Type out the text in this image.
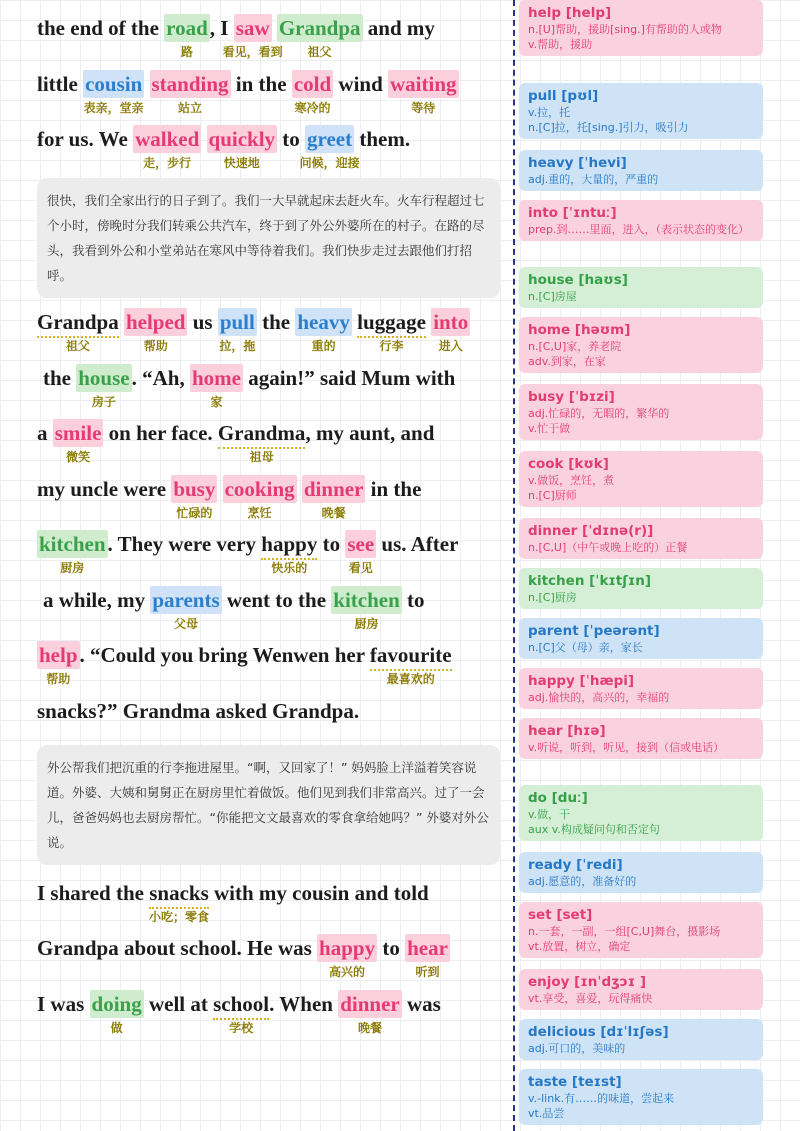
the end of the road
路
, I saw
看见，看到
Grandpa
祖父
and my
little cousin
表亲，堂亲
standing
站立
in the cold
寒冷的
wind waiting
等待
for us. We walked
走，步行
quickly
快速地
to greet
问候，迎接
them.
Grandpa
祖父
helped
帮助
us pull
拉，拖
the heavy
重的
luggage
行李
into
进入
the house
房子
. “Ah, home
家
again!” said Mum with
a smile
微笑
on her face. Grandma
祖母
, my aunt, and
my uncle were busy
忙碌的
cooking
烹饪
dinner
晚餐
in the
kitchen
厨房
. They were very happy
快乐的
to see
看见
us. After
a while, my parents
父母
went to the kitchen
厨房
to
help
帮助
. “Could you bring Wenwen her favourite
最喜欢的
snacks?” Grandma asked Grandpa.
I shared the snacks
小吃；零食
with my cousin and told
Grandpa about school. He was happy
高兴的
to hear
听到
I was doing
做
well at school
学校
. When dinner
晚餐
was
很快，我们全家出行的日子到了。我们一大早就起床去赶火车。火车行程超过七个小时，傍晚时分我们转乘公共汽车，终于到了外公外婆所在的村子。在路的尽头，我看到外公和小堂弟站在寒风中等待着我们。我们快步走过去跟他们打招呼。
外公帮我们把沉重的行李拖进屋里。“啊，又回家了！” 妈妈脸上洋溢着笑容说道。外婆、大姨和舅舅正在厨房里忙着做饭。他们见到我们非常高兴。过了一会儿，爸爸妈妈也去厨房帮忙。“你能把文文最喜欢的零食拿给她吗？” 外婆对外公说。
help [help]
n.[U]帮助，援助[sing.]有帮助的人或物
v.帮助，援助
pull [pʊl]
v.拉，托
n.[C]拉，托[sing.]引力，吸引力
heavy [ˈhevi]
adj.重的，大量的，严重的
into [ˈɪntuː]
prep.到……里面，进入，（表示状态的变化）
house [haʊs]
n.[C]房屋
home [həʊm]
n.[C,U]家，养老院
adv.到家，在家
busy [ˈbɪzi]
adj.忙碌的，无暇的，繁华的
v.忙于做
cook [kʊk]
v.做饭，烹饪，煮
n.[C]厨师
dinner [ˈdɪnə(r)]
n.[C,U]（中午或晚上吃的）正餐
kitchen [ˈkɪtʃɪn]
n.[C]厨房
parent [ˈpeərənt]
n.[C]父（母）亲，家长
happy [ˈhæpi]
adj.愉快的，高兴的，幸福的
hear [hɪə]
v.听说，听到，听见，接到（信或电话）
do [duː]
v.做，干
aux v.构成疑问句和否定句
ready [ˈredi]
adj.愿意的，准备好的
set [set]
n.一套，一副，一组[C,U]舞台，摄影场
vt.放置，树立，确定
enjoy [ɪnˈdʒɔɪ ]
vt.享受，喜爱，玩得痛快
delicious [dɪˈlɪʃəs]
adj.可口的，美味的
taste [teɪst]
v.-link.有……的味道，尝起来
vt.品尝
